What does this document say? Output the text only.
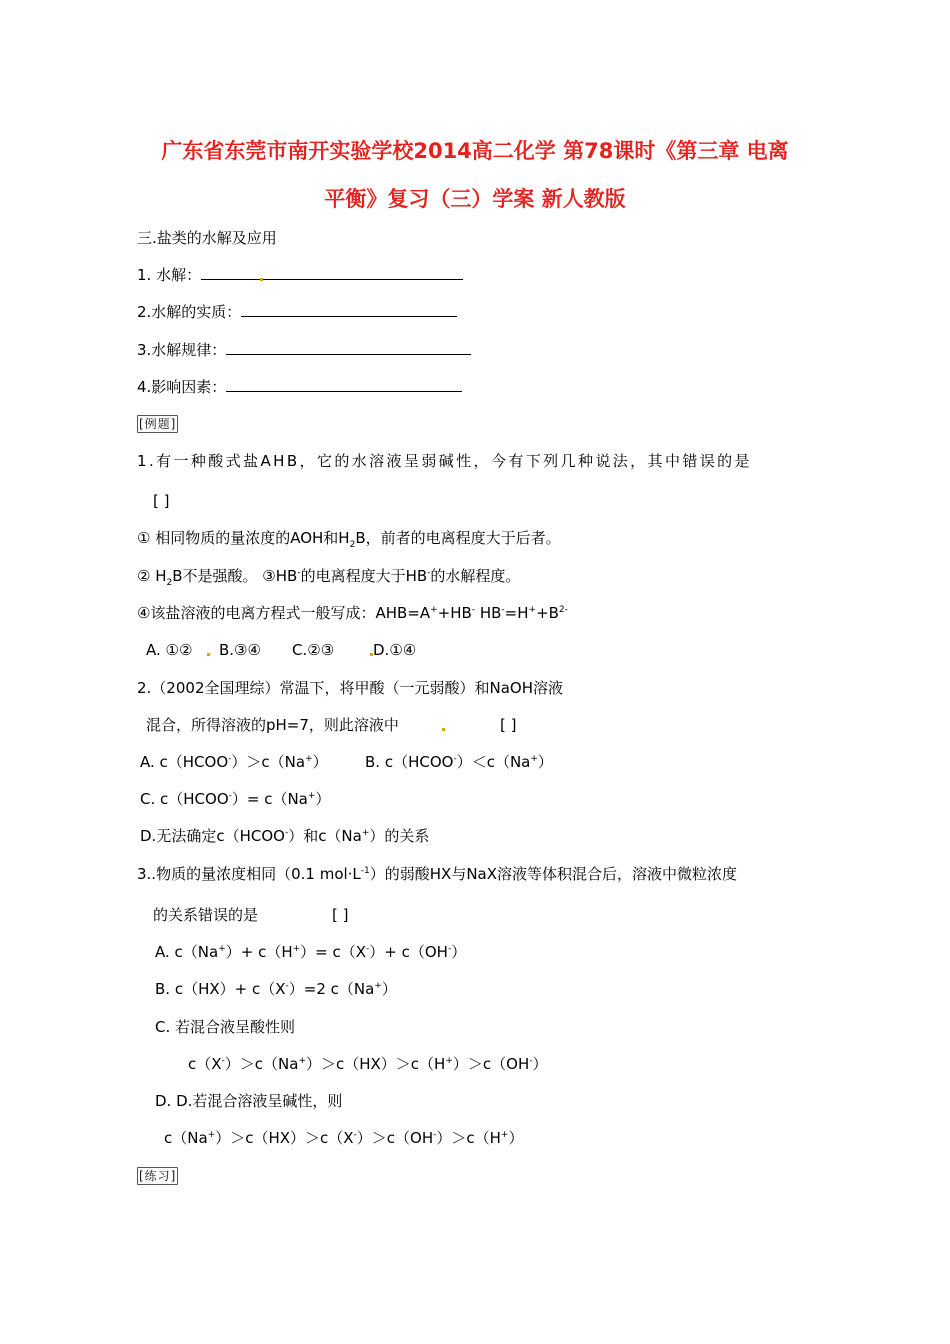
广东省东莞市南开实验学校2014高二化学 第78课时《第三章 电离
平衡》复习（三）学案 新人教版
三.盐类的水解及应用
1. 水解：
2.水解的实质：
3.水解规律：
4.影响因素：
[例题]
1.有一种酸式盐AHB，它的水溶液呈弱碱性，今有下列几种说法，其中错误的是
[ ]
① 相同物质的量浓度的AOH和$H_2B$，前者的电离程度大于后者。
② $H_2B$不是强酸。 ③HB-的电离程度大于HB-的水解程度。
④该盐溶液的电离方程式一般写成：AHB=A++HB- $HB^-=H^++B^{2-}$
A. ①② B.③④ C.②③	D.①④
2.（2002全国理综）常温下，将甲酸（一元弱酸）和NaOH溶液
混合，所得溶液的pH=7，则此溶液中	[ ]
A. c（HCOO-）＞c（Na+） B. c（HCOO-）＜c（Na+）
C. c（HCOO-）= c（Na+）
D.无法确定c（HCOO-）和c（Na+）的关系
3..物质的量浓度相同（0.1 $mol\cdot L^{-1}$）的弱酸HX与NaX溶液等体积混合后，溶液中微粒浓度
的关系错误的是	[ ]
A. c（Na+）+ c（H+）= c（X-）+ c（OH-）
B. c（HX）+ c（X-）=2 c（Na+）
C. 若混合液呈酸性则
c（X-）＞c（Na+）＞c（HX）＞c（H+）＞c（OH-）
D. D.若混合溶液呈碱性，则
c（Na+）＞c（HX）＞c（X-）＞c（OH-）＞c（H+）
[练习]
